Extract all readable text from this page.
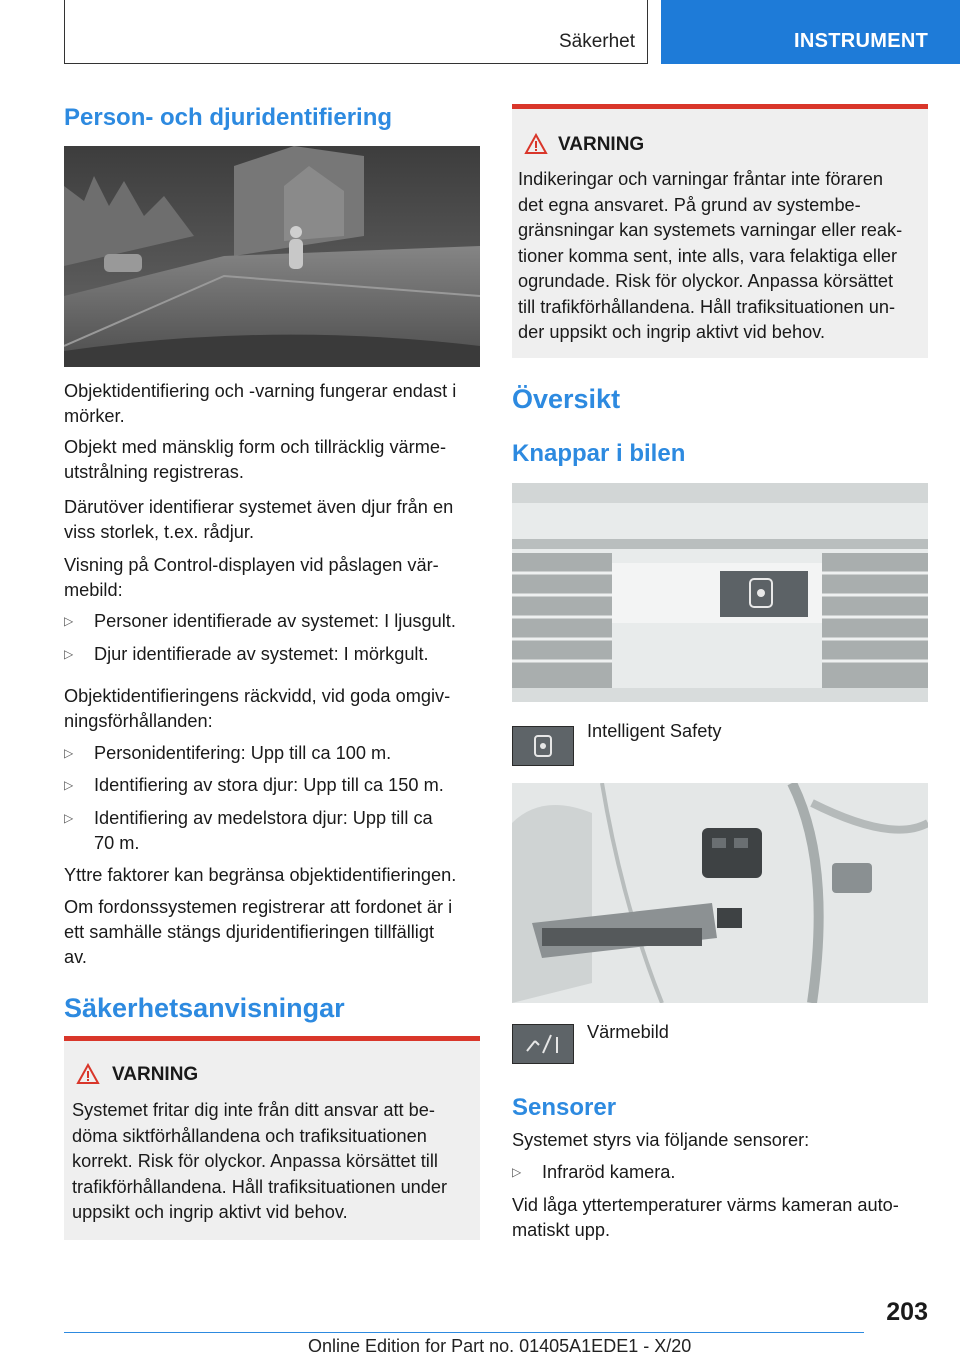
Säkerhet	INSTRUMENT
Person- och djuridentifiering

Objektidentifiering och -varning fungerar endast i
mörker.

Objekt med mänsklig form och tillräcklig värme-
utstrålning registreras.

Därutöver identifierar systemet även djur från en
viss storlek, t.ex. rådjur.

Visning på Control-displayen vid påslagen vär-
mebild:

▷ Personer identifierade av systemet: I ljusgult.
▷ Djur identifierade av systemet: I mörkgult.

Objektidentifieringens räckvidd, vid goda omgiv-
ningsförhållanden:

▷ Personidentifering: Upp till ca 100 m.
▷ Identifiering av stora djur: Upp till ca 150 m.
▷ Identifiering av medelstora djur: Upp till ca
70 m.

Yttre faktorer kan begränsa objektidentifieringen.

Om fordonssystemen registrerar att fordonet är i
ett samhälle stängs djuridentifieringen tillfälligt
av.

Säkerhetsanvisningar
VARNING
Systemet fritar dig inte från ditt ansvar att be-
döma siktförhållandena och trafiksituationen
korrekt. Risk för olyckor. Anpassa körsättet till
trafikförhållandena. Håll trafiksituationen under
uppsikt och ingrip aktivt vid behov.
VARNING
Indikeringar och varningar fråntar inte föraren
det egna ansvaret. På grund av systembe-
gränsningar kan systemets varningar eller reak-
tioner komma sent, inte alls, vara felaktiga eller
ogrundade. Risk för olyckor. Anpassa körsättet
till trafikförhållandena. Håll trafiksituationen un-
der uppsikt och ingrip aktivt vid behov.
Översikt
Knappar i bilen
Intelligent Safety
Värmebild
Sensorer

Systemet styrs via följande sensorer:

▷ Infraröd kamera.

Vid låga yttertemperaturer värms kameran auto-
matiskt upp.

203
Online Edition for Part no. 01405A1EDE1 - X/20
